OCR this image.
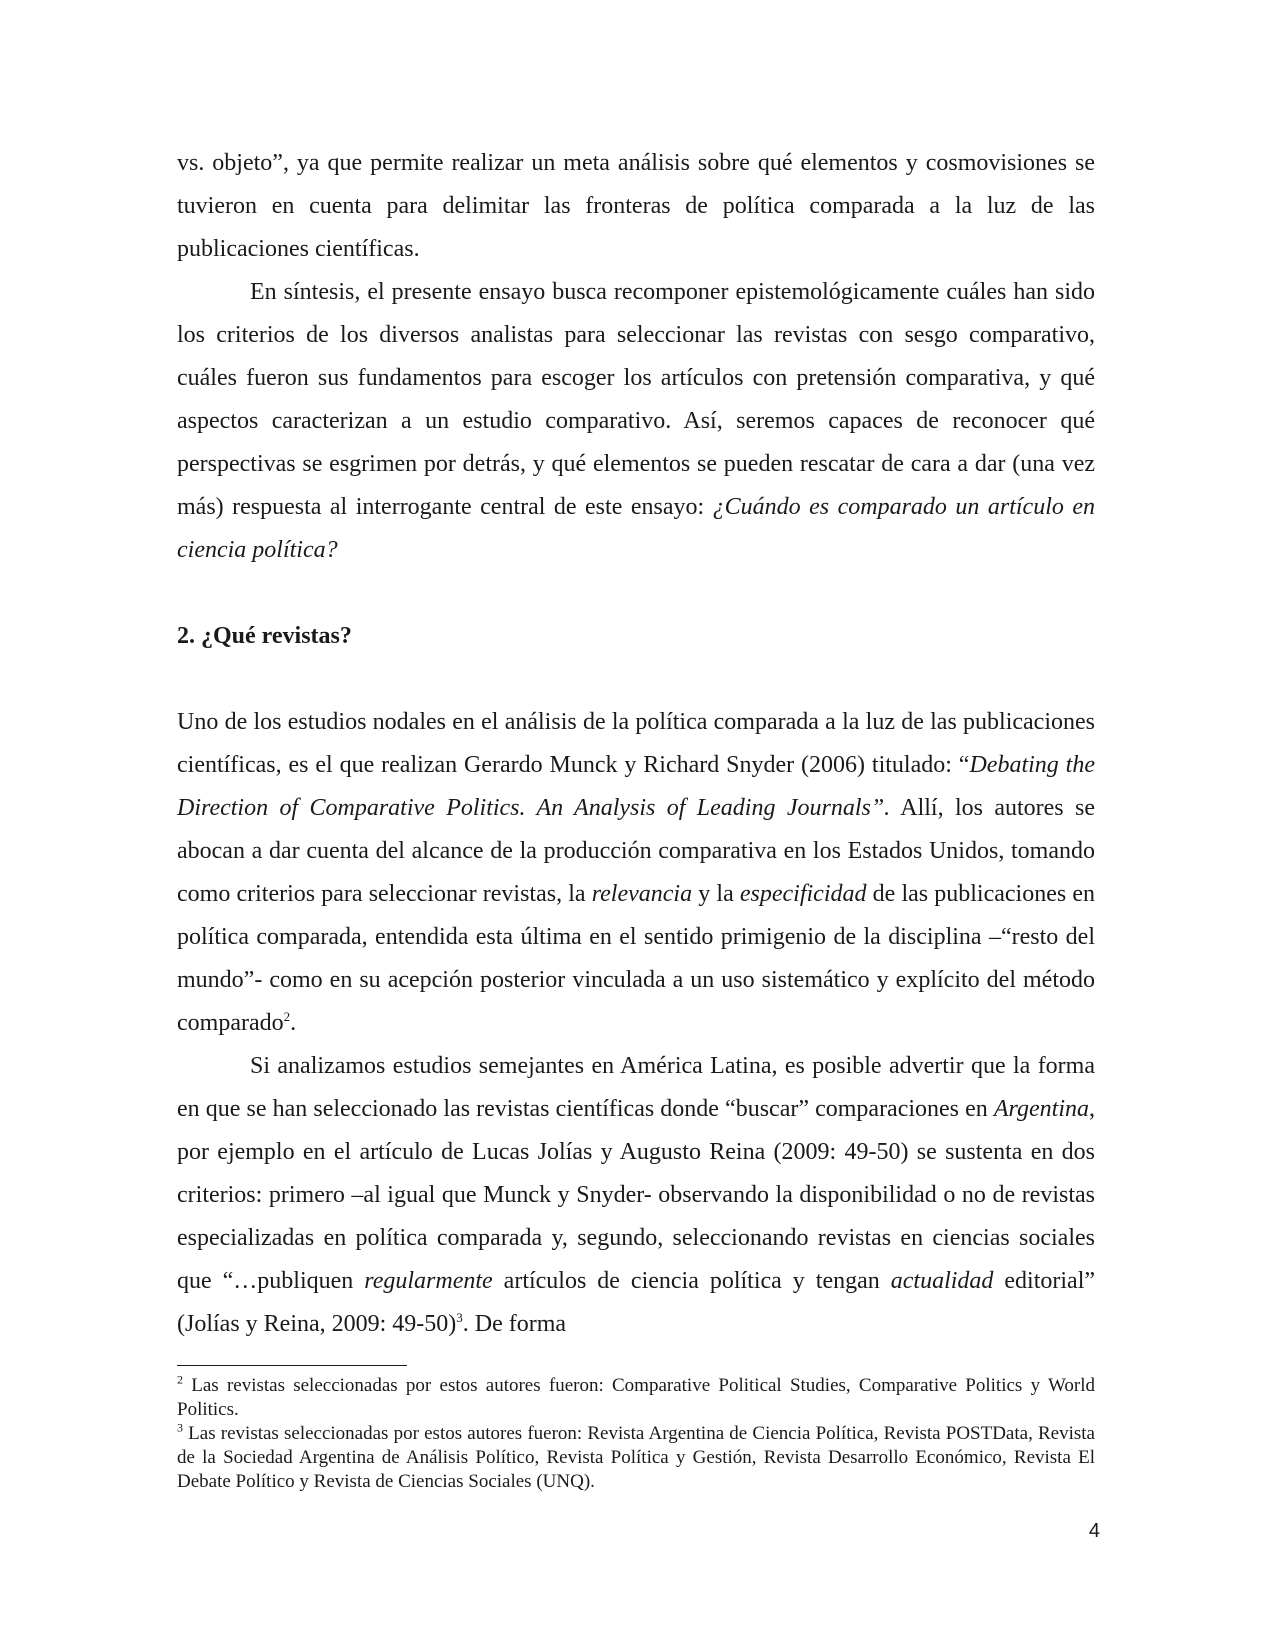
vs. objeto”, ya que permite realizar un meta análisis sobre qué elementos y cosmovisiones se tuvieron en cuenta para delimitar las fronteras de política comparada a la luz de las publicaciones científicas.

En síntesis, el presente ensayo busca recomponer epistemológicamente cuáles han sido los criterios de los diversos analistas para seleccionar las revistas con sesgo comparativo, cuáles fueron sus fundamentos para escoger los artículos con pretensión comparativa, y qué aspectos caracterizan a un estudio comparativo. Así, seremos capaces de reconocer qué perspectivas se esgrimen por detrás, y qué elementos se pueden rescatar de cara a dar (una vez más) respuesta al interrogante central de este ensayo: ¿Cuándo es comparado un artículo en ciencia política?

2. ¿Qué revistas?

Uno de los estudios nodales en el análisis de la política comparada a la luz de las publicaciones científicas, es el que realizan Gerardo Munck y Richard Snyder (2006) titulado: “Debating the Direction of Comparative Politics. An Analysis of Leading Journals”. Allí, los autores se abocan a dar cuenta del alcance de la producción comparativa en los Estados Unidos, tomando como criterios para seleccionar revistas, la relevancia y la especificidad de las publicaciones en política comparada, entendida esta última en el sentido primigenio de la disciplina –“resto del mundo”- como en su acepción posterior vinculada a un uso sistemático y explícito del método comparado$^2$.

Si analizamos estudios semejantes en América Latina, es posible advertir que la forma en que se han seleccionado las revistas científicas donde “buscar” comparaciones en Argentina, por ejemplo en el artículo de Lucas Jolías y Augusto Reina (2009: 49-50) se sustenta en dos criterios: primero –al igual que Munck y Snyder- observando la disponibilidad o no de revistas especializadas en política comparada y, segundo, seleccionando revistas en ciencias sociales que “…publiquen regularmente artículos de ciencia política y tengan actualidad editorial” (Jolías y Reina, 2009: 49-50)$^3$. De forma

$^2$ Las revistas seleccionadas por estos autores fueron: Comparative Political Studies, Comparative Politics y World Politics.

$^3$ Las revistas seleccionadas por estos autores fueron: Revista Argentina de Ciencia Política, Revista POSTData, Revista de la Sociedad Argentina de Análisis Político, Revista Política y Gestión, Revista Desarrollo Económico, Revista El Debate Político y Revista de Ciencias Sociales (UNQ).

4
